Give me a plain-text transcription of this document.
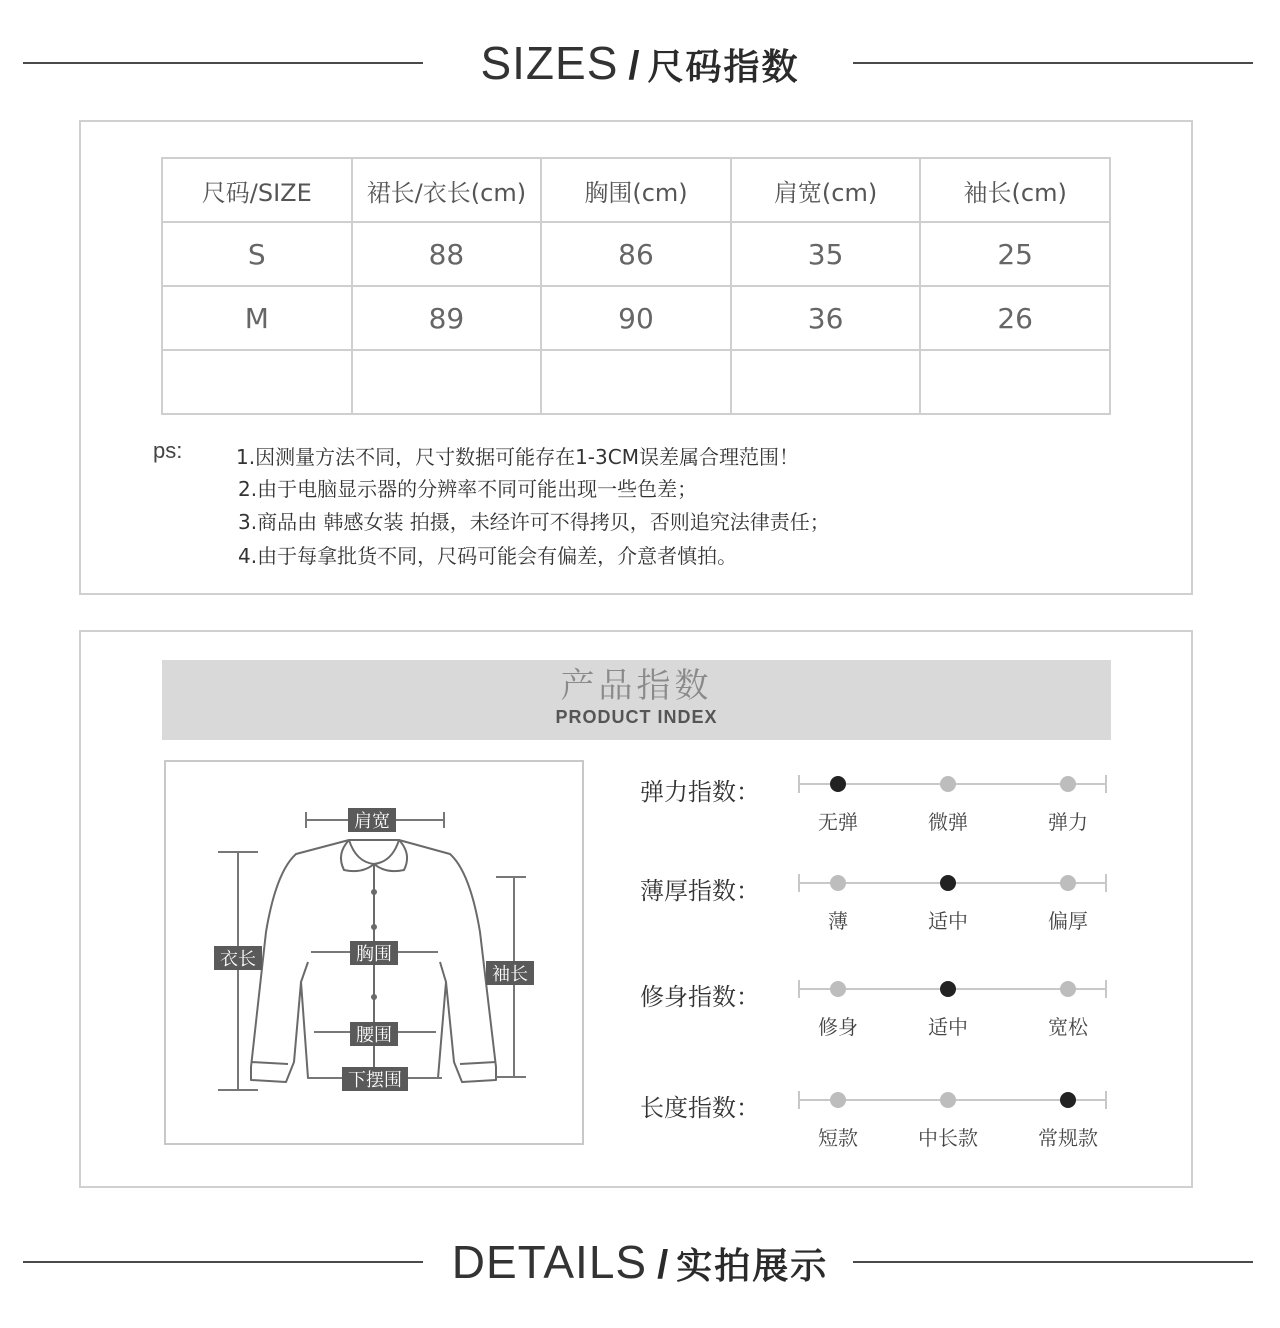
SIZES / 尺码指数
尺码/SIZE	裙长/衣长(cm)	胸围(cm)	肩宽(cm)	袖长(cm)
S	88	86	35	25
M	89	90	36	26

ps:	1.因测量方法不同，尺寸数据可能存在1-3CM误差属合理范围！
2.由于电脑显示器的分辨率不同可能出现一些色差；
3.商品由 韩感女装 拍摄，未经许可不得拷贝，否则追究法律责任；
4.由于每拿批货不同，尺码可能会有偏差，介意者慎拍。
产品指数
PRODUCT INDEX
肩宽
衣长	胸围
袖长
腰围
下摆围
弹力指数：
无弹	微弹	弹力
薄厚指数：
薄	适中	偏厚
修身指数：
修身	适中	宽松
长度指数：
短款	中长款	常规款
DETAILS / 实拍展示
